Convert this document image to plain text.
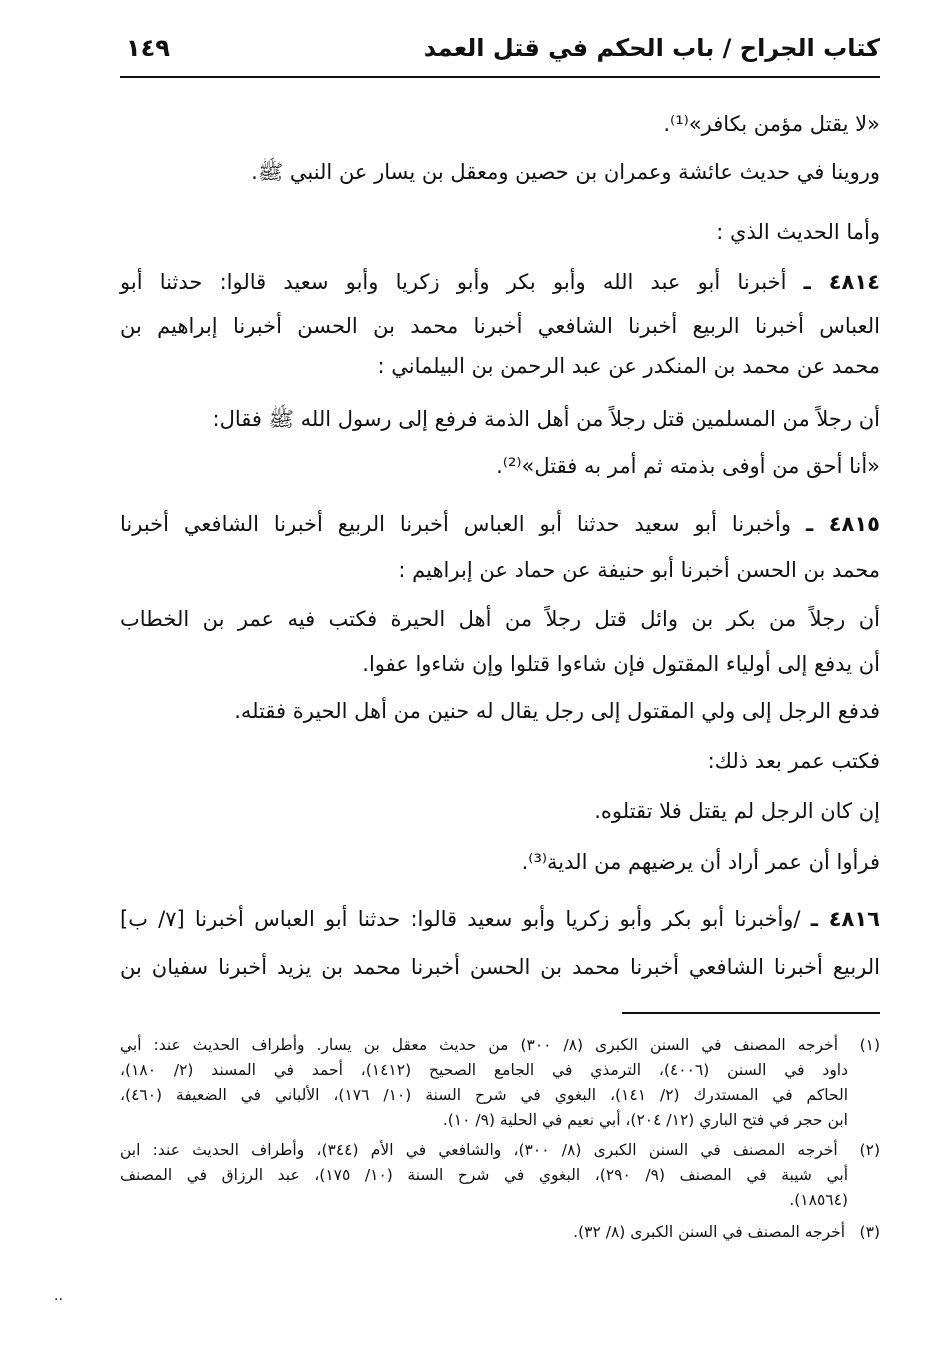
كتاب الجراح / باب الحكم في قتل العمد
١٤٩
«لا يقتل مؤمن بكافر»⁽¹⁾.
وروينا في حديث عائشة وعمران بن حصين ومعقل بن يسار عن النبي ﷺ.
وأما الحديث الذي :
٤٨١٤ ـ أخبرنا أبو عبد الله وأبو بكر وأبو زكريا وأبو سعيد قالوا: حدثنا أبو
العباس أخبرنا الربيع أخبرنا الشافعي أخبرنا محمد بن الحسن أخبرنا إبراهيم بن
محمد عن محمد بن المنكدر عن عبد الرحمن بن البيلماني :
أن رجلاً من المسلمين قتل رجلاً من أهل الذمة فرفع إلى رسول الله ﷺ فقال:
«أنا أحق من أوفى بذمته ثم أمر به فقتل»⁽²⁾.
٤٨١٥ ـ وأخبرنا أبو سعيد حدثنا أبو العباس أخبرنا الربيع أخبرنا الشافعي أخبرنا
محمد بن الحسن أخبرنا أبو حنيفة عن حماد عن إبراهيم :
أن رجلاً من بكر بن وائل قتل رجلاً من أهل الحيرة فكتب فيه عمر بن الخطاب
أن يدفع إلى أولياء المقتول فإن شاءوا قتلوا وإن شاءوا عفوا.
فدفع الرجل إلى ولي المقتول إلى رجل يقال له حنين من أهل الحيرة فقتله.
فكتب عمر بعد ذلك:
إن كان الرجل لم يقتل فلا تقتلوه.
فرأوا أن عمر أراد أن يرضيهم من الدية⁽³⁾.
٤٨١٦ ـ /وأخبرنا أبو بكر وأبو زكريا وأبو سعيد قالوا: حدثنا أبو العباس أخبرنا [٧/ ب]
الربيع أخبرنا الشافعي أخبرنا محمد بن الحسن أخبرنا محمد بن يزيد أخبرنا سفيان بن
(١) أخرجه المصنف في السنن الكبرى (٨/ ٣٠٠) من حديث معقل بن يسار. وأطراف الحديث عند: أبي
داود في السنن (٤٠٠٦)، الترمذي في الجامع الصحيح (١٤١٢)، أحمد في المسند (٢/ ١٨٠)،
الحاكم في المستدرك (٢/ ١٤١)، البغوي في شرح السنة (١٠/ ١٧٦)، الألباني في الضعيفة (٤٦٠)،
ابن حجر في فتح الباري (١٢/ ٢٠٤)، أبي نعيم في الحلية (٩/ ١٠).
(٢) أخرجه المصنف في السنن الكبرى (٨/ ٣٠٠)، والشافعي في الأم (٣٤٤)، وأطراف الحديث عند: ابن
أبي شيبة في المصنف (٩/ ٢٩٠)، البغوي في شرح السنة (١٠/ ١٧٥)، عبد الرزاق في المصنف
(١٨٥٦٤).
(٣) أخرجه المصنف في السنن الكبرى (٨/ ٣٢).
..
